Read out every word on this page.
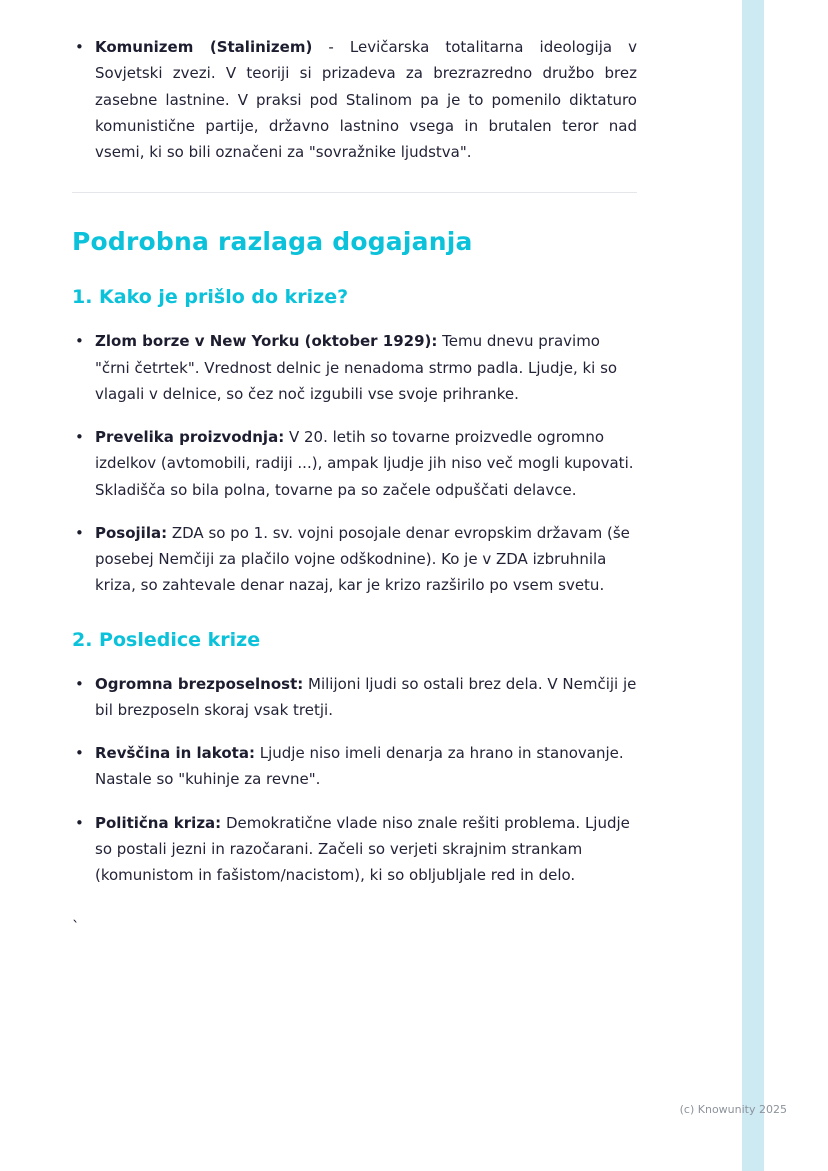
• Komunizem (Stalinizem) - Levičarska totalitarna ideologija v Sovjetski zvezi. V teoriji si prizadeva za brezrazredno družbo brez zasebne lastnine. V praksi pod Stalinom pa je to pomenilo diktaturo komunistične partije, državno lastnino vsega in brutalen teror nad vsemi, ki so bili označeni za "sovražnike ljudstva".
Podrobna razlaga dogajanja
1. Kako je prišlo do krize?
• Zlom borze v New Yorku (oktober 1929): Temu dnevu pravimo "črni četrtek". Vrednost delnic je nenadoma strmo padla. Ljudje, ki so vlagali v delnice, so čez noč izgubili vse svoje prihranke.
• Prevelika proizvodnja: V 20. letih so tovarne proizvedle ogromno izdelkov (avtomobili, radiji ...), ampak ljudje jih niso več mogli kupovati. Skladišča so bila polna, tovarne pa so začele odpuščati delavce.
• Posojila: ZDA so po 1. sv. vojni posojale denar evropskim državam (še posebej Nemčiji za plačilo vojne odškodnine). Ko je v ZDA izbruhnila kriza, so zahtevale denar nazaj, kar je krizo razširilo po vsem svetu.
2. Posledice krize
• Ogromna brezposelnost: Milijoni ljudi so ostali brez dela. V Nemčiji je bil brezposeln skoraj vsak tretji.
• Revščina in lakota: Ljudje niso imeli denarja za hrano in stanovanje. Nastale so "kuhinje za revne".
• Politična kriza: Demokratične vlade niso znale rešiti problema. Ljudje so postali jezni in razočarani. Začeli so verjeti skrajnim strankam (komunistom in fašistom/nacistom), ki so obljubljale red in delo.
`
(c) Knowunity 2025
